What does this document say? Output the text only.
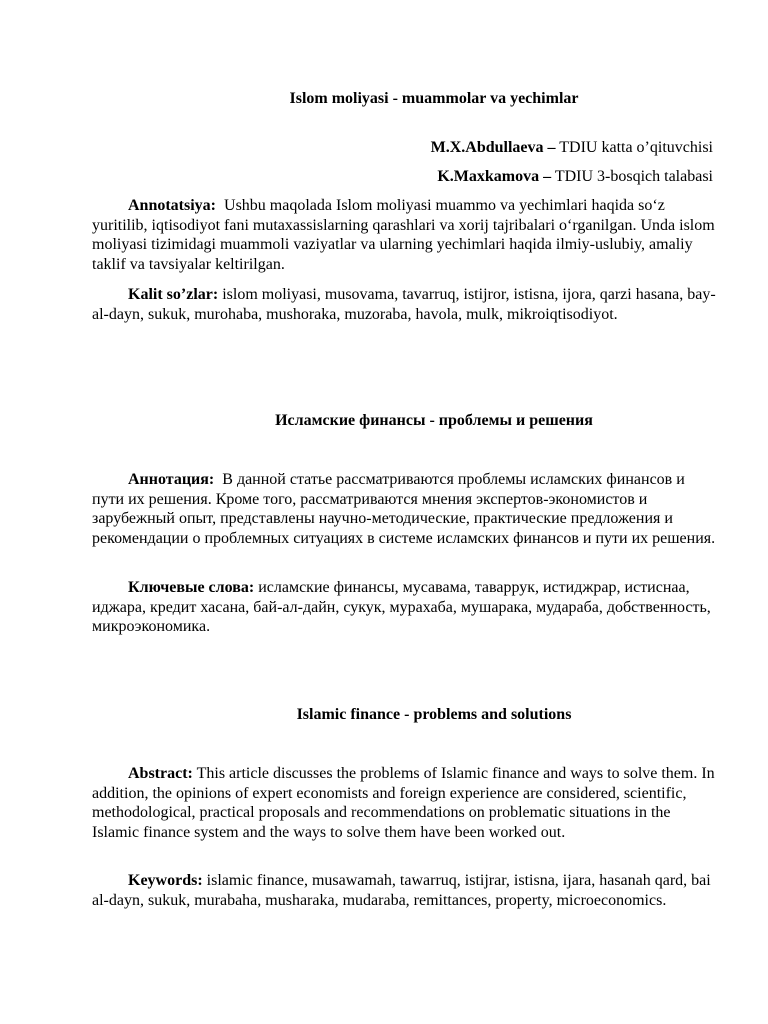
Islom moliyasi - muammolar va yechimlar
M.X.Abdullaeva – TDIU katta o’qituvchisi
K.Maxkamova – TDIU 3-bosqich talabasi

Annotatsiya: Ushbu maqolada Islom moliyasi muammo va yechimlari haqida so‘z yuritilib, iqtisodiyot fani mutaxassislarning qarashlari va xorij tajribalari o‘rganilgan. Unda islom moliyasi tizimidagi muammoli vaziyatlar va ularning yechimlari haqida ilmiy-uslubiy, amaliy taklif va tavsiyalar keltirilgan.

Kalit so’zlar: islom moliyasi, musovama, tavarruq, istijror, istisna, ijora, qarzi hasana, bay-al-dayn, sukuk, murohaba, mushoraka, muzoraba, havola, mulk, mikroiqtisodiyot.

Исламские финансы - проблемы и решения

Аннотация: В данной статье рассматриваются проблемы исламских финансов и пути их решения. Кроме того, рассматриваются мнения экспертов-экономистов и зарубежный опыт, представлены научно-методические, практические предложения и рекомендации о проблемных ситуациях в системе исламских финансов и пути их решения.

Ключевые слова: исламские финансы, мусавама, таваррук, истиджрар, истиснаа, иджара, кредит хасана, бай-ал-дайн, сукук, мурахаба, мушарака, мудараба, добственность, микроэкономика.

Islamic finance - problems and solutions

Abstract: This article discusses the problems of Islamic finance and ways to solve them. In addition, the opinions of expert economists and foreign experience are considered, scientific, methodological, practical proposals and recommendations on problematic situations in the Islamic finance system and the ways to solve them have been worked out.

Keywords: islamic finance, musawamah, tawarruq, istijrar, istisna, ijara, hasanah qard, bai al-dayn, sukuk, murabaha, musharaka, mudaraba, remittances, property, microeconomics.
